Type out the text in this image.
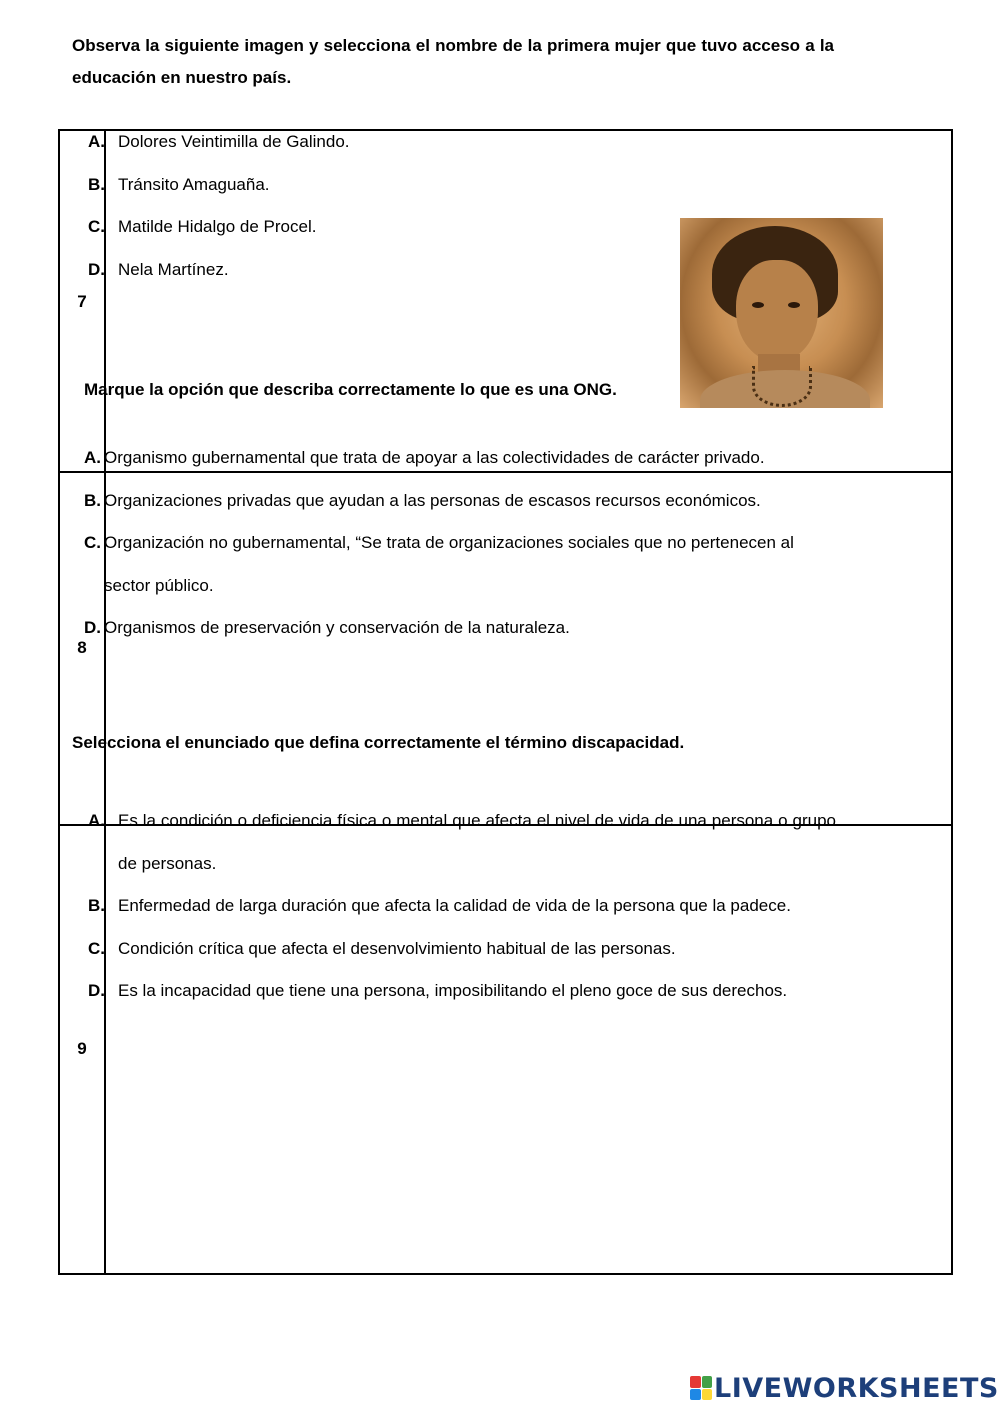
7
8
9
Observa la siguiente imagen y selecciona el nombre de la primera mujer que tuvo acceso a la educación en nuestro país.
A. Dolores Veintimilla de Galindo.
B. Tránsito Amaguaña.
C. Matilde Hidalgo de Procel.
D. Nela Martínez.
Marque la opción que describa correctamente lo que es una ONG.
A. Organismo gubernamental que trata de apoyar a las colectividades de carácter privado.
B. Organizaciones privadas que ayudan a las personas de escasos recursos económicos.
C. Organización no gubernamental, “Se trata de organizaciones sociales que no pertenecen al sector público.
D. Organismos de preservación y conservación de la naturaleza.
Selecciona el enunciado que defina correctamente el término discapacidad.
A. Es la condición o deficiencia física o mental que afecta el nivel de vida de una persona o grupo de personas.
B. Enfermedad de larga duración que afecta la calidad de vida de la persona que la padece.
C. Condición crítica que afecta el desenvolvimiento habitual de las personas.
D. Es la incapacidad que tiene una persona, imposibilitando el pleno goce de sus derechos.
LIVEWORKSHEETS
